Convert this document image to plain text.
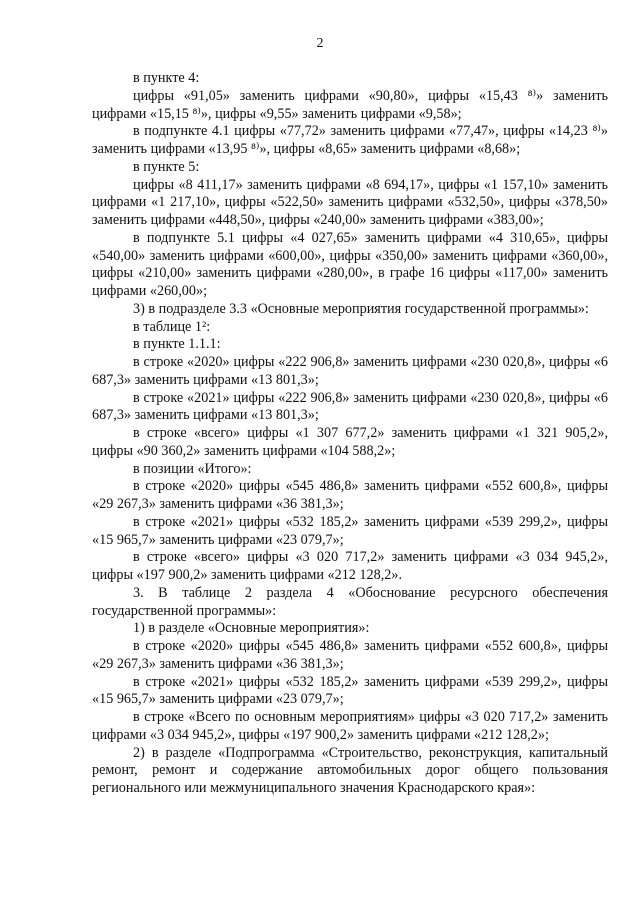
2

в пункте 4:

цифры «91,05» заменить цифрами «90,80», цифры «15,43 ⁸⁾» заменить цифрами «15,15 ⁸⁾», цифры «9,55» заменить цифрами «9,58»;

в подпункте 4.1 цифры «77,72» заменить цифрами «77,47», цифры «14,23 ⁸⁾» заменить цифрами «13,95 ⁸⁾», цифры «8,65» заменить цифрами «8,68»;

в пункте 5:

цифры «8 411,17» заменить цифрами «8 694,17», цифры «1 157,10» заменить цифрами «1 217,10», цифры «522,50» заменить цифрами «532,50», цифры «378,50» заменить цифрами «448,50», цифры «240,00» заменить цифрами «383,00»;

в подпункте 5.1 цифры «4 027,65» заменить цифрами «4 310,65», цифры «540,00» заменить цифрами «600,00», цифры «350,00» заменить цифрами «360,00», цифры «210,00» заменить цифрами «280,00», в графе 16 цифры «117,00» заменить цифрами «260,00»;

3) в подразделе 3.3 «Основные мероприятия государственной программы»:

в таблице 1²:

в пункте 1.1.1:

в строке «2020» цифры «222 906,8» заменить цифрами «230 020,8», цифры «6 687,3» заменить цифрами «13 801,3»;

в строке «2021» цифры «222 906,8» заменить цифрами «230 020,8», цифры «6 687,3» заменить цифрами «13 801,3»;

в строке «всего» цифры «1 307 677,2» заменить цифрами «1 321 905,2», цифры «90 360,2» заменить цифрами «104 588,2»;

в позиции «Итого»:

в строке «2020» цифры «545 486,8» заменить цифрами «552 600,8», цифры «29 267,3» заменить цифрами «36 381,3»;

в строке «2021» цифры «532 185,2» заменить цифрами «539 299,2», цифры «15 965,7» заменить цифрами «23 079,7»;

в строке «всего» цифры «3 020 717,2» заменить цифрами «3 034 945,2», цифры «197 900,2» заменить цифрами «212 128,2».

3. В таблице 2 раздела 4 «Обоснование ресурсного обеспечения государственной программы»:

1) в разделе «Основные мероприятия»:

в строке «2020» цифры «545 486,8» заменить цифрами «552 600,8», цифры «29 267,3» заменить цифрами «36 381,3»;

в строке «2021» цифры «532 185,2» заменить цифрами «539 299,2», цифры «15 965,7» заменить цифрами «23 079,7»;

в строке «Всего по основным мероприятиям» цифры «3 020 717,2» заменить цифрами «3 034 945,2», цифры «197 900,2» заменить цифрами «212 128,2»;

2) в разделе «Подпрограмма «Строительство, реконструкция, капитальный ремонт, ремонт и содержание автомобильных дорог общего пользования регионального или межмуниципального значения Краснодарского края»:
